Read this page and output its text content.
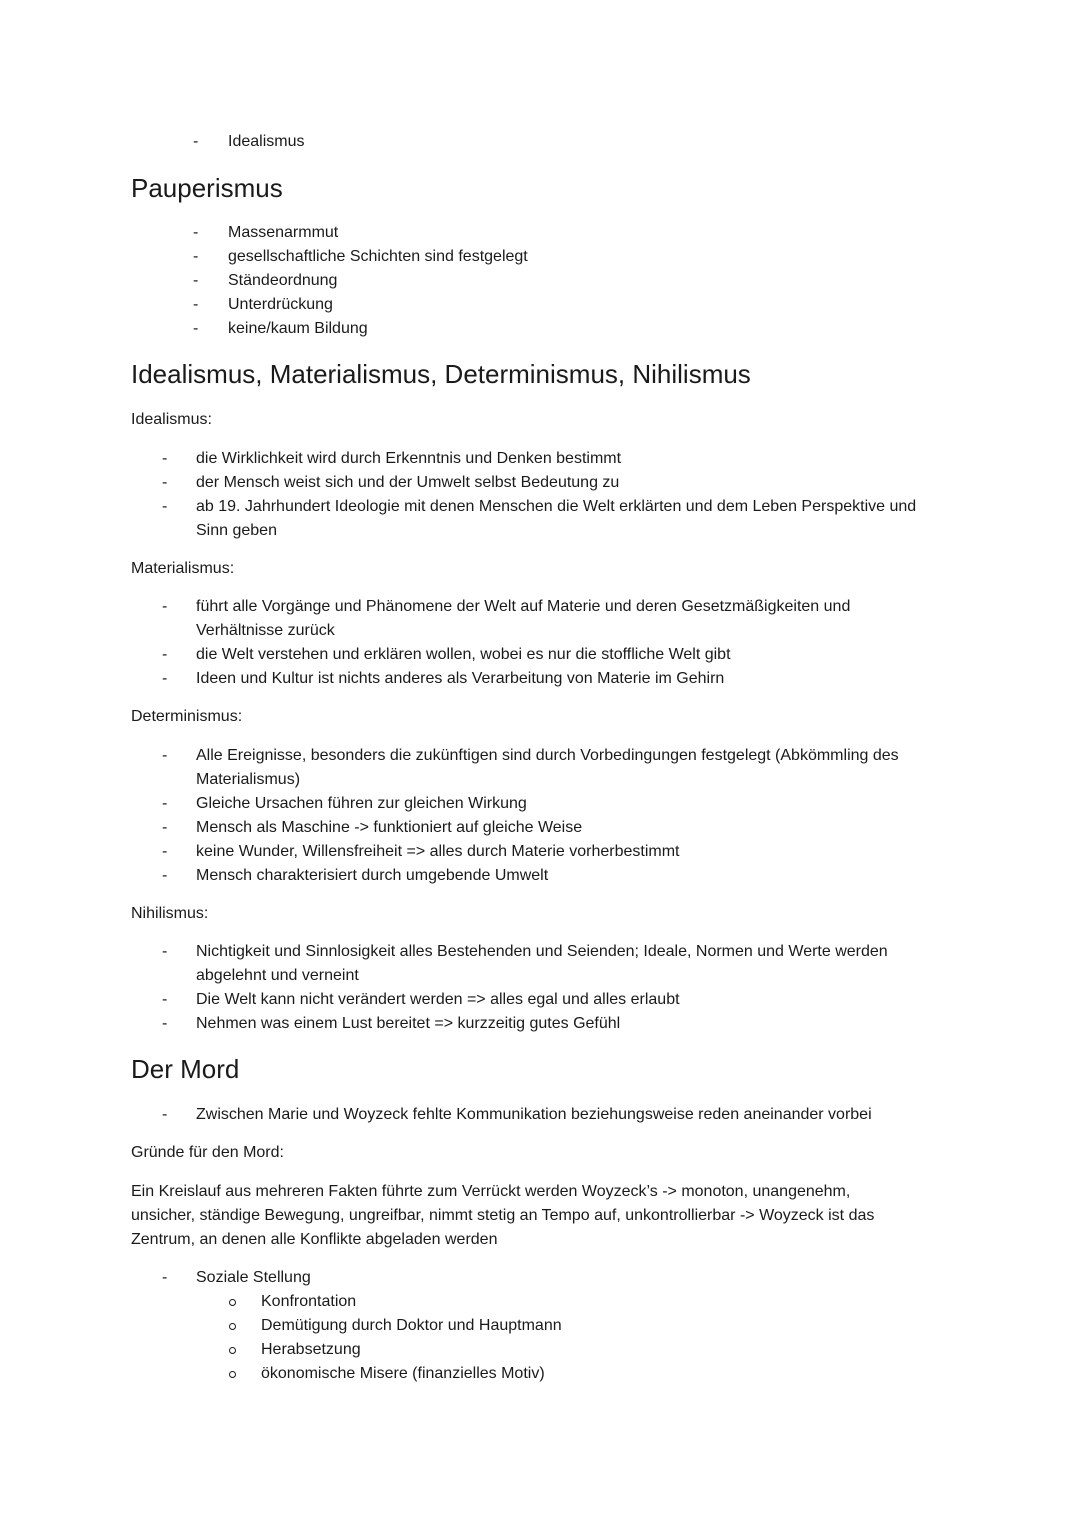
- Idealismus
Pauperismus
- Massenarmmut
- gesellschaftliche Schichten sind festgelegt
- Ständeordnung
- Unterdrückung
- keine/kaum Bildung
Idealismus, Materialismus, Determinismus, Nihilismus
Idealismus:
- die Wirklichkeit wird durch Erkenntnis und Denken bestimmt
- der Mensch weist sich und der Umwelt selbst Bedeutung zu
- ab 19. Jahrhundert Ideologie mit denen Menschen die Welt erklärten und dem Leben Perspektive und
Sinn geben
Materialismus:
- führt alle Vorgänge und Phänomene der Welt auf Materie und deren Gesetzmäßigkeiten und
Verhältnisse zurück
- die Welt verstehen und erklären wollen, wobei es nur die stoffliche Welt gibt
- Ideen und Kultur ist nichts anderes als Verarbeitung von Materie im Gehirn
Determinismus:
- Alle Ereignisse, besonders die zukünftigen sind durch Vorbedingungen festgelegt (Abkömmling des
Materialismus)
- Gleiche Ursachen führen zur gleichen Wirkung
- Mensch als Maschine -> funktioniert auf gleiche Weise
- keine Wunder, Willensfreiheit => alles durch Materie vorherbestimmt
- Mensch charakterisiert durch umgebende Umwelt
Nihilismus:
- Nichtigkeit und Sinnlosigkeit alles Bestehenden und Seienden; Ideale, Normen und Werte werden
abgelehnt und verneint
- Die Welt kann nicht verändert werden => alles egal und alles erlaubt
- Nehmen was einem Lust bereitet => kurzzeitig gutes Gefühl
Der Mord
- Zwischen Marie und Woyzeck fehlte Kommunikation beziehungsweise reden aneinander vorbei
Gründe für den Mord:
Ein Kreislauf aus mehreren Fakten führte zum Verrückt werden Woyzeck’s -> monoton, unangenehm,
unsicher, ständige Bewegung, ungreifbar, nimmt stetig an Tempo auf, unkontrollierbar -> Woyzeck ist das
Zentrum, an denen alle Konflikte abgeladen werden
- Soziale Stellung
Konfrontation
Demütigung durch Doktor und Hauptmann
Herabsetzung
ökonomische Misere (finanzielles Motiv)
